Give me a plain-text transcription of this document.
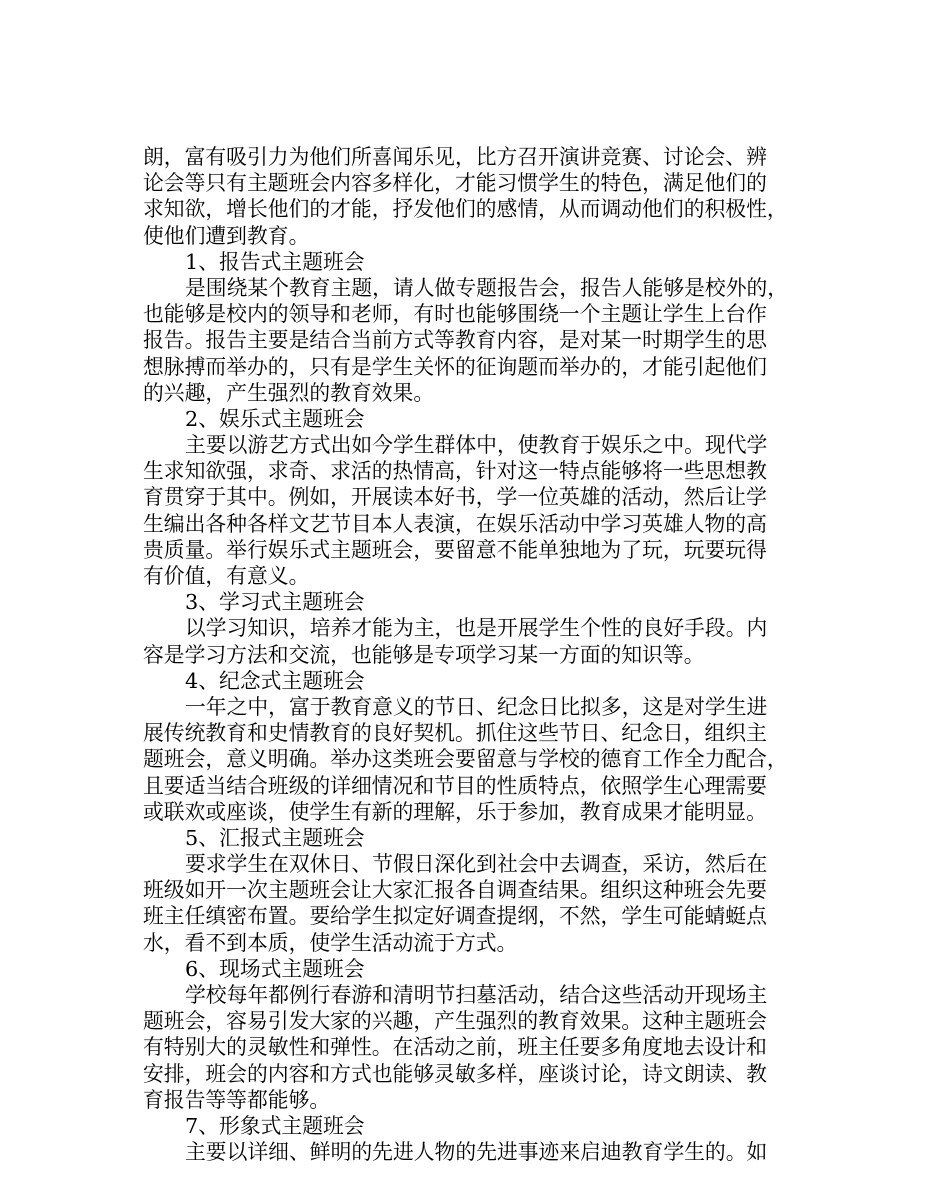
朗，富有吸引力为他们所喜闻乐见，比方召开演讲竞赛、讨论会、辨
论会等只有主题班会内容多样化，才能习惯学生的特色，满足他们的
求知欲，增长他们的才能，抒发他们的感情，从而调动他们的积极性，
使他们遭到教育。
1、报告式主题班会
是围绕某个教育主题，请人做专题报告会，报告人能够是校外的，
也能够是校内的领导和老师，有时也能够围绕一个主题让学生上台作
报告。报告主要是结合当前方式等教育内容，是对某一时期学生的思
想脉搏而举办的，只有是学生关怀的征询题而举办的，才能引起他们
的兴趣，产生强烈的教育效果。
2、娱乐式主题班会
主要以游艺方式出如今学生群体中，使教育于娱乐之中。现代学
生求知欲强，求奇、求活的热情高，针对这一特点能够将一些思想教
育贯穿于其中。例如，开展读本好书，学一位英雄的活动，然后让学
生编出各种各样文艺节目本人表演，在娱乐活动中学习英雄人物的高
贵质量。举行娱乐式主题班会，要留意不能单独地为了玩，玩要玩得
有价值，有意义。
3、学习式主题班会
以学习知识，培养才能为主，也是开展学生个性的良好手段。内
容是学习方法和交流，也能够是专项学习某一方面的知识等。
4、纪念式主题班会
一年之中，富于教育意义的节日、纪念日比拟多，这是对学生进
展传统教育和史情教育的良好契机。抓住这些节日、纪念日，组织主
题班会，意义明确。举办这类班会要留意与学校的德育工作全力配合，
且要适当结合班级的详细情况和节目的性质特点，依照学生心理需要
或联欢或座谈，使学生有新的理解，乐于参加，教育成果才能明显。
5、汇报式主题班会
要求学生在双休日、节假日深化到社会中去调查，采访，然后在
班级如开一次主题班会让大家汇报各自调查结果。组织这种班会先要
班主任缜密布置。要给学生拟定好调查提纲，不然，学生可能蜻蜓点
水，看不到本质，使学生活动流于方式。
6、现场式主题班会
学校每年都例行春游和清明节扫墓活动，结合这些活动开现场主
题班会，容易引发大家的兴趣，产生强烈的教育效果。这种主题班会
有特别大的灵敏性和弹性。在活动之前，班主任要多角度地去设计和
安排，班会的内容和方式也能够灵敏多样，座谈讨论，诗文朗读、教
育报告等等都能够。
7、形象式主题班会
主要以详细、鲜明的先进人物的先进事迹来启迪教育学生的。如
